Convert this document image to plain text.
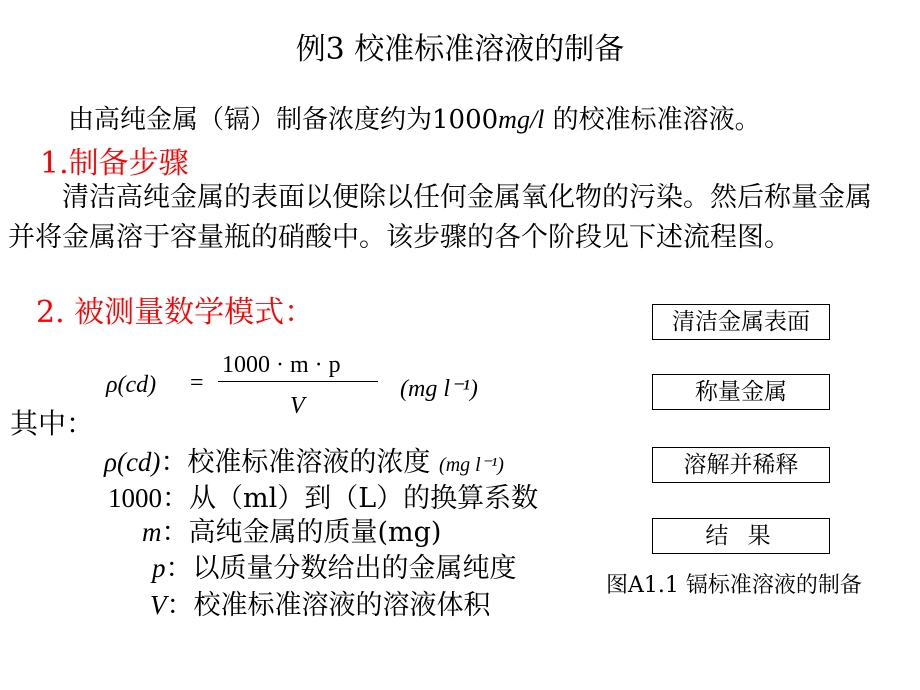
例3 校准标准溶液的制备
由高纯金属（镉）制备浓度约为1000mg/l 的校准标准溶液。
1.制备步骤
清洁高纯金属的表面以便除以任何金属氧化物的污染。然后称量金属并将金属溶于容量瓶的硝酸中。该步骤的各个阶段见下述流程图。
2. 被测量数学模式：
ρ(cd) =
1000 · m · p
V
(mg l⁻¹)
其中：
ρ(cd)：校准标准溶液的浓度 (mg l⁻¹)
1000：从（ml）到（L）的换算系数
m：高纯金属的质量(mg)
p：以质量分数给出的金属纯度
V：校准标准溶液的溶液体积
清洁金属表面
称量金属
溶解并稀释
结 果
图A1.1 镉标准溶液的制备
